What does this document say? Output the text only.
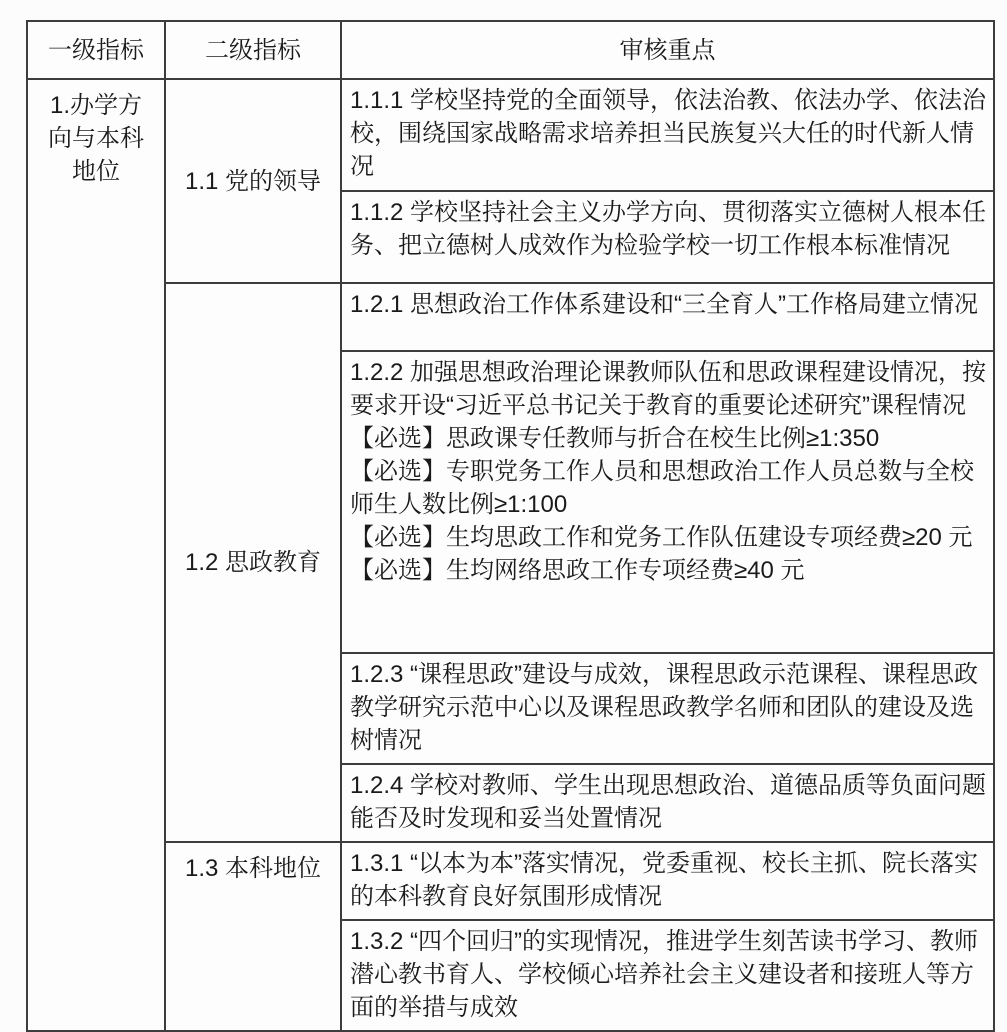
一级指标	二级指标	审核重点
1.办学方向与本科地位	1.1 党的领导	1.1.1 学校坚持党的全面领导，依法治教、依法办学、依法治校，围绕国家战略需求培养担当民族复兴大任的时代新人情况

		1.1.2 学校坚持社会主义办学方向、贯彻落实立德树人根本任务、把立德树人成效作为检验学校一切工作根本标准情况

	1.2 思政教育	1.2.1 思想政治工作体系建设和“三全育人”工作格局建立情况

		1.2.2 加强思想政治理论课教师队伍和思政课程建设情况，按要求开设“习近平总书记关于教育的重要论述研究”课程情况

【必选】思政课专任教师与折合在校生比例≥1:350

【必选】专职党务工作人员和思想政治工作人员总数与全校师生人数比例≥1:100

【必选】生均思政工作和党务工作队伍建设专项经费≥20 元

【必选】生均网络思政工作专项经费≥40 元

		1.2.3 “课程思政”建设与成效，课程思政示范课程、课程思政教学研究示范中心以及课程思政教学名师和团队的建设及选树情况

		1.2.4 学校对教师、学生出现思想政治、道德品质等负面问题能否及时发现和妥当处置情况

	1.3 本科地位	1.3.1 “以本为本”落实情况，党委重视、校长主抓、院长落实的本科教育良好氛围形成情况

		1.3.2 “四个回归”的实现情况，推进学生刻苦读书学习、教师潜心教书育人、学校倾心培养社会主义建设者和接班人等方面的举措与成效
